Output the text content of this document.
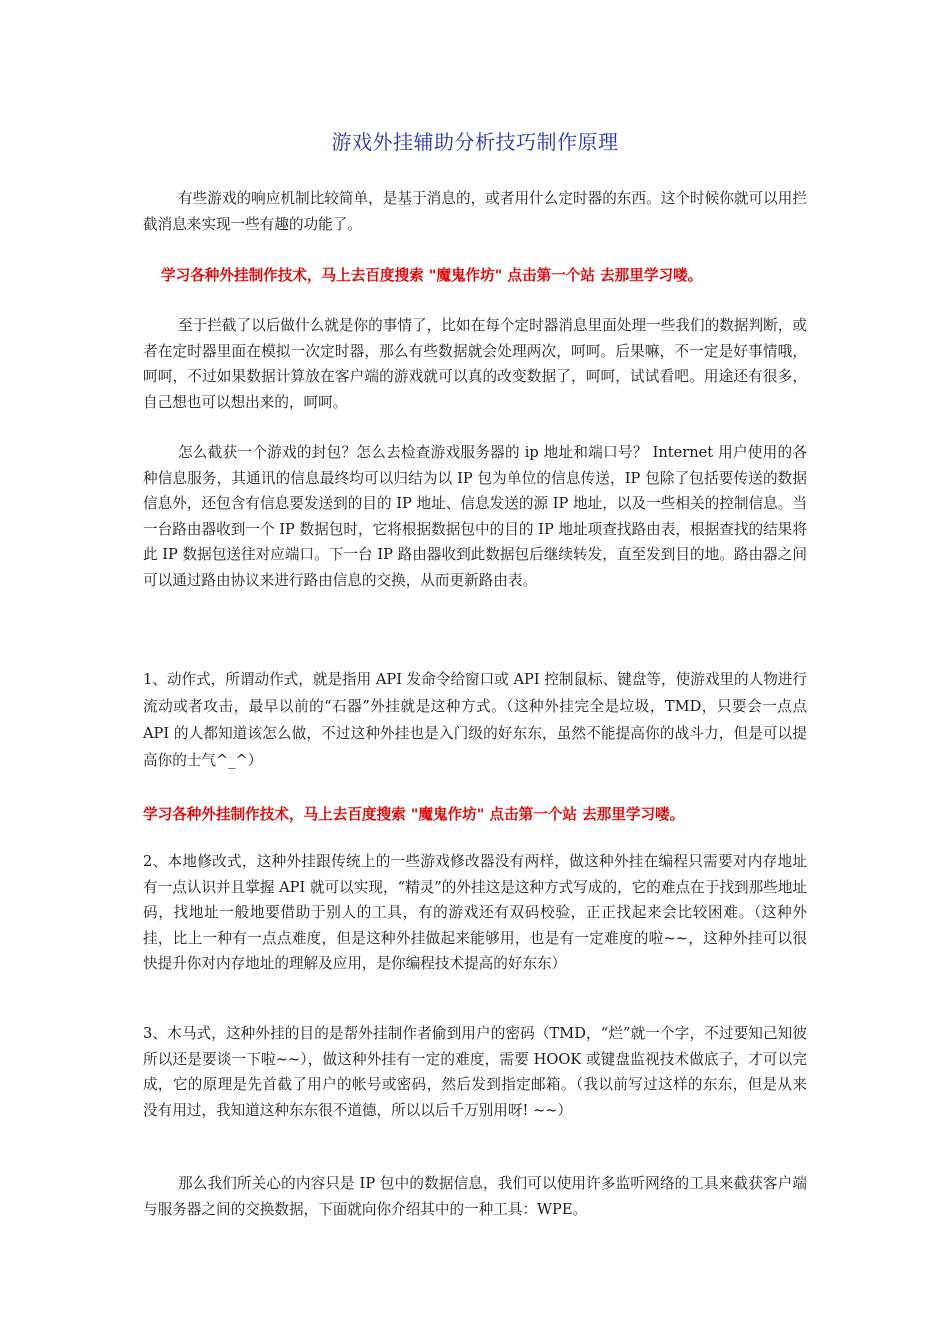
游戏外挂辅助分析技巧制作原理

有些游戏的响应机制比较简单，是基于消息的，或者用什么定时器的东西。这个时候你就可以用拦截消息来实现一些有趣的功能了。

学习各种外挂制作技术，马上去百度搜索 "魔鬼作坊" 点击第一个站 去那里学习喽。

至于拦截了以后做什么就是你的事情了，比如在每个定时器消息里面处理一些我们的数据判断，或者在定时器里面在模拟一次定时器，那么有些数据就会处理两次，呵呵。后果嘛，不一定是好事情哦，呵呵，不过如果数据计算放在客户端的游戏就可以真的改变数据了，呵呵，试试看吧。用途还有很多，自己想也可以想出来的，呵呵。

怎么截获一个游戏的封包？怎么去检查游戏服务器的 ip 地址和端口号？ Internet 用户使用的各种信息服务，其通讯的信息最终均可以归结为以 IP 包为单位的信息传送，IP 包除了包括要传送的数据信息外，还包含有信息要发送到的目的 IP 地址、信息发送的源 IP 地址，以及一些相关的控制信息。当一台路由器收到一个 IP 数据包时，它将根据数据包中的目的 IP 地址项查找路由表，根据查找的结果将此 IP 数据包送往对应端口。下一台 IP 路由器收到此数据包后继续转发，直至发到目的地。路由器之间可以通过路由协议来进行路由信息的交换，从而更新路由表。

1、动作式，所谓动作式，就是指用 API 发命令给窗口或 API 控制鼠标、键盘等，使游戏里的人物进行流动或者攻击，最早以前的“石器”外挂就是这种方式。（这种外挂完全是垃圾，TMD，只要会一点点 API 的人都知道该怎么做，不过这种外挂也是入门级的好东东，虽然不能提高你的战斗力，但是可以提高你的士气^_^）

学习各种外挂制作技术，马上去百度搜索 "魔鬼作坊" 点击第一个站 去那里学习喽。

2、本地修改式，这种外挂跟传统上的一些游戏修改器没有两样，做这种外挂在编程只需要对内存地址有一点认识并且掌握 API 就可以实现，“精灵”的外挂这是这种方式写成的，它的难点在于找到那些地址码，找地址一般地要借助于别人的工具，有的游戏还有双码校验，正正找起来会比较困难。（这种外挂，比上一种有一点点难度，但是这种外挂做起来能够用，也是有一定难度的啦~~，这种外挂可以很快提升你对内存地址的理解及应用，是你编程技术提高的好东东）

3、木马式，这种外挂的目的是帮外挂制作者偷到用户的密码（TMD，“烂”就一个字，不过要知己知彼所以还是要谈一下啦~~），做这种外挂有一定的难度，需要 HOOK 或键盘监视技术做底子，才可以完成，它的原理是先首截了用户的帐号或密码，然后发到指定邮箱。（我以前写过这样的东东，但是从来没有用过，我知道这种东东很不道德，所以以后千万别用呀! ~~）

那么我们所关心的内容只是 IP 包中的数据信息，我们可以使用许多监听网络的工具来截获客户端与服务器之间的交换数据，下面就向你介绍其中的一种工具：WPE。
